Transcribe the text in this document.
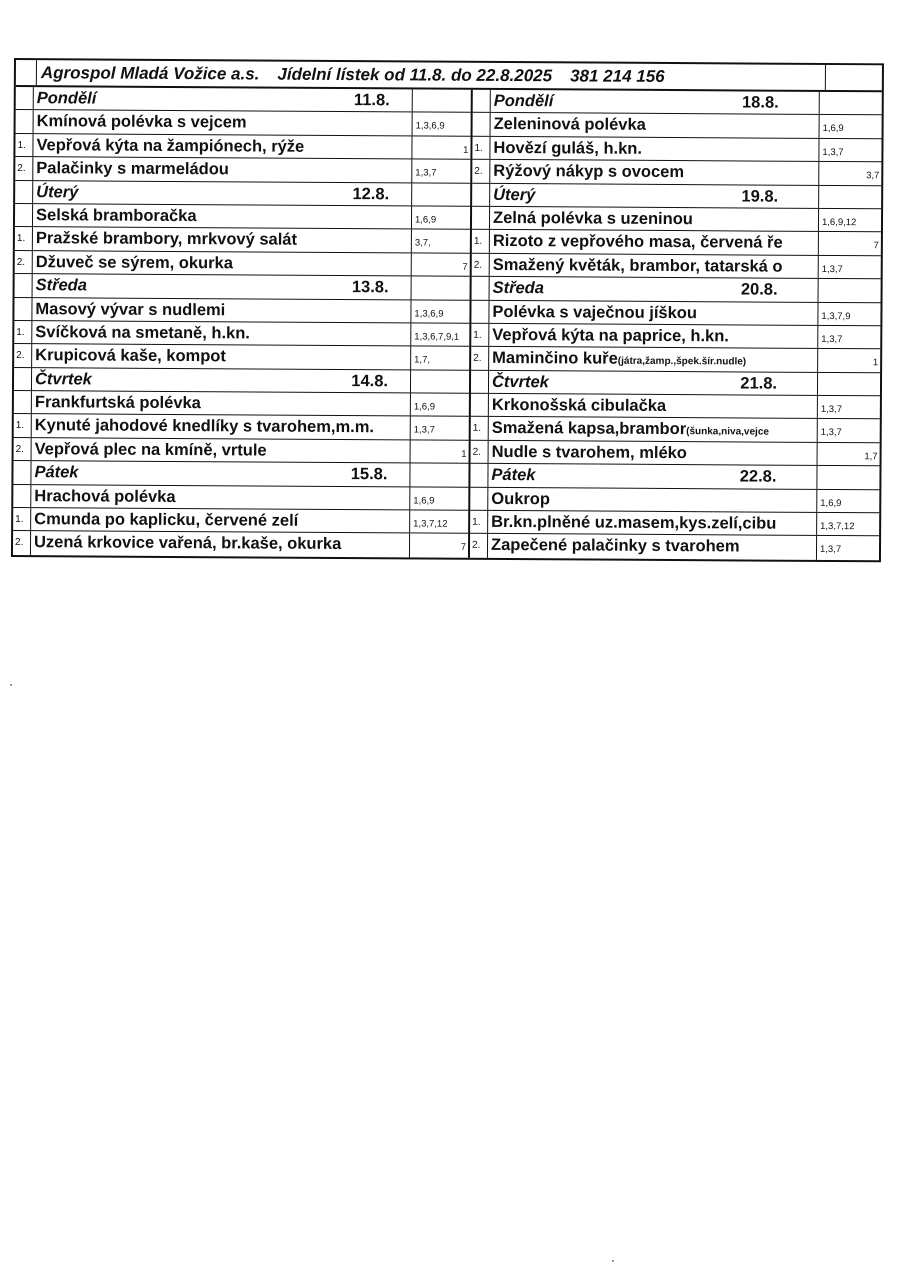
Agrospol Mladá Vožice a.s. Jídelní lístek od 11.8. do 22.8.2025 381 214 156
Pondělí	11.8.
Kmínová polévka s vejcem	1,3,6,9
1. Vepřová kýta na žampiónech, rýže	1
2. Palačinky s marmeládou	1,3,7
Úterý	12.8.
Selská bramboračka	1,6,9
1. Pražské brambory, mrkvový salát	3,7,
2. Džuveč se sýrem, okurka	7
Středa	13.8.
Masový vývar s nudlemi	1,3,6,9
1. Svíčková na smetaně, h.kn.	1,3,6,7,9,1
2. Krupicová kaše, kompot	1,7,
Čtvrtek	14.8.
Frankfurtská polévka	1,6,9
1. Kynuté jahodové knedlíky s tvarohem,m.m.	1,3,7
2. Vepřová plec na kmíně, vrtule	1
Pátek	15.8.
Hrachová polévka	1,6,9
1. Cmunda po kaplicku, červené zelí	1,3,7,12
2. Uzená krkovice vařená, br.kaše, okurka	7
Pondělí	18.8.
Zeleninová polévka	1,6,9
1. Hovězí guláš, h.kn.	1,3,7
2. Rýžový nákyp s ovocem	3,7
Úterý	19.8.
Zelná polévka s uzeninou	1,6,9,12
1. Rizoto z vepřového masa, červená ře	7
2. Smažený květák, brambor, tatarská o	1,3,7
Středa	20.8.
Polévka s vaječnou jíškou	1,3,7,9
1. Vepřová kýta na paprice, h.kn.	1,3,7
2. Maminčino kuře(játra,žamp.,špek.šír.nudle)	1
Čtvrtek	21.8.
Krkonošská cibulačka	1,3,7
1. Smažená kapsa,brambor(šunka,niva,vejce	1,3,7
2. Nudle s tvarohem, mléko	1,7
Pátek	22.8.
Oukrop	1,6,9
1. Br.kn.plněné uz.masem,kys.zelí,cibu	1,3,7,12
2. Zapečené palačinky s tvarohem	1,3,7
